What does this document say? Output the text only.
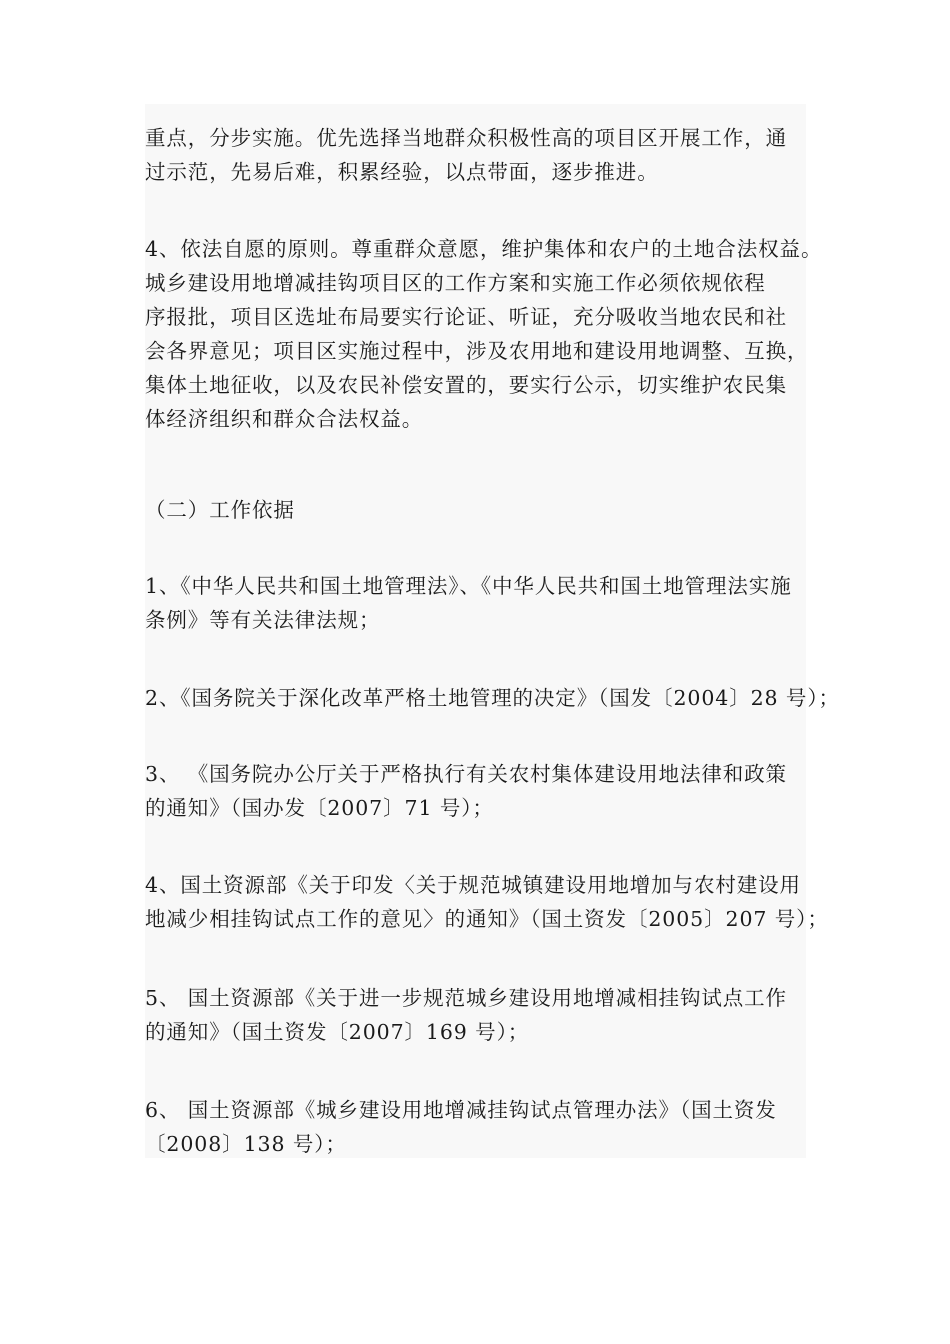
重点，分步实施。优先选择当地群众积极性高的项目区开展工作，通
过示范，先易后难，积累经验，以点带面，逐步推进。
4、依法自愿的原则。尊重群众意愿，维护集体和农户的土地合法权益。
城乡建设用地增减挂钩项目区的工作方案和实施工作必须依规依程
序报批，项目区选址布局要实行论证、听证，充分吸收当地农民和社
会各界意见；项目区实施过程中，涉及农用地和建设用地调整、互换，
集体土地征收，以及农民补偿安置的，要实行公示，切实维护农民集
体经济组织和群众合法权益。
（二）工作依据
1、《中华人民共和国土地管理法》、《中华人民共和国土地管理法实施
条例》等有关法律法规；
2、《国务院关于深化改革严格土地管理的决定》（国发〔2004〕28 号）；
3、 《国务院办公厅关于严格执行有关农村集体建设用地法律和政策
的通知》（国办发〔2007〕71 号）；
4、国土资源部《关于印发〈关于规范城镇建设用地增加与农村建设用
地减少相挂钩试点工作的意见〉的通知》（国土资发〔2005〕207 号）；
5、 国土资源部《关于进一步规范城乡建设用地增减相挂钩试点工作
的通知》（国土资发〔2007〕169 号）；
6、 国土资源部《城乡建设用地增减挂钩试点管理办法》（国土资发
〔2008〕138 号）；
